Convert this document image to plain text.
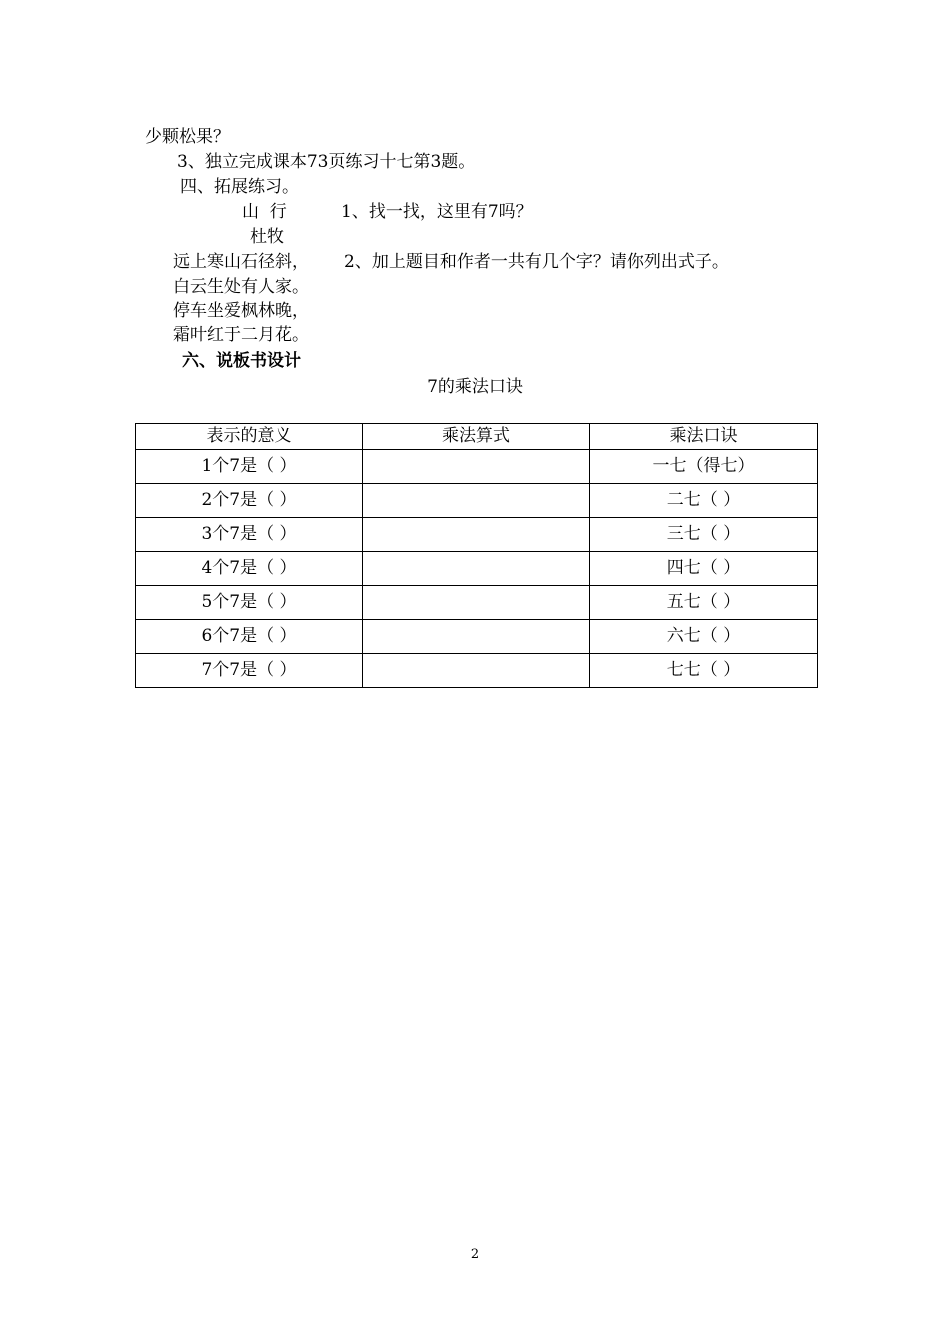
少颗松果？
3、独立完成课本73页练习十七第3题。
四、拓展练习。
山  行	1、找一找，这里有7吗？
杜牧
远上寒山石径斜， 2、加上题目和作者一共有几个字？请你列出式子。
白云生处有人家。
停车坐爱枫林晚，
霜叶红于二月花。
六、说板书设计
7的乘法口诀
表示的意义	乘法算式	乘法口诀
1个7是（ ）		一七（得七）
2个7是（ ）		二七（ ）
3个7是（ ）		三七（ ）
4个7是（ ）		四七（ ）
5个7是（ ）		五七（ ）
6个7是（ ）		六七（ ）
7个7是（ ）		七七（ ）
2
